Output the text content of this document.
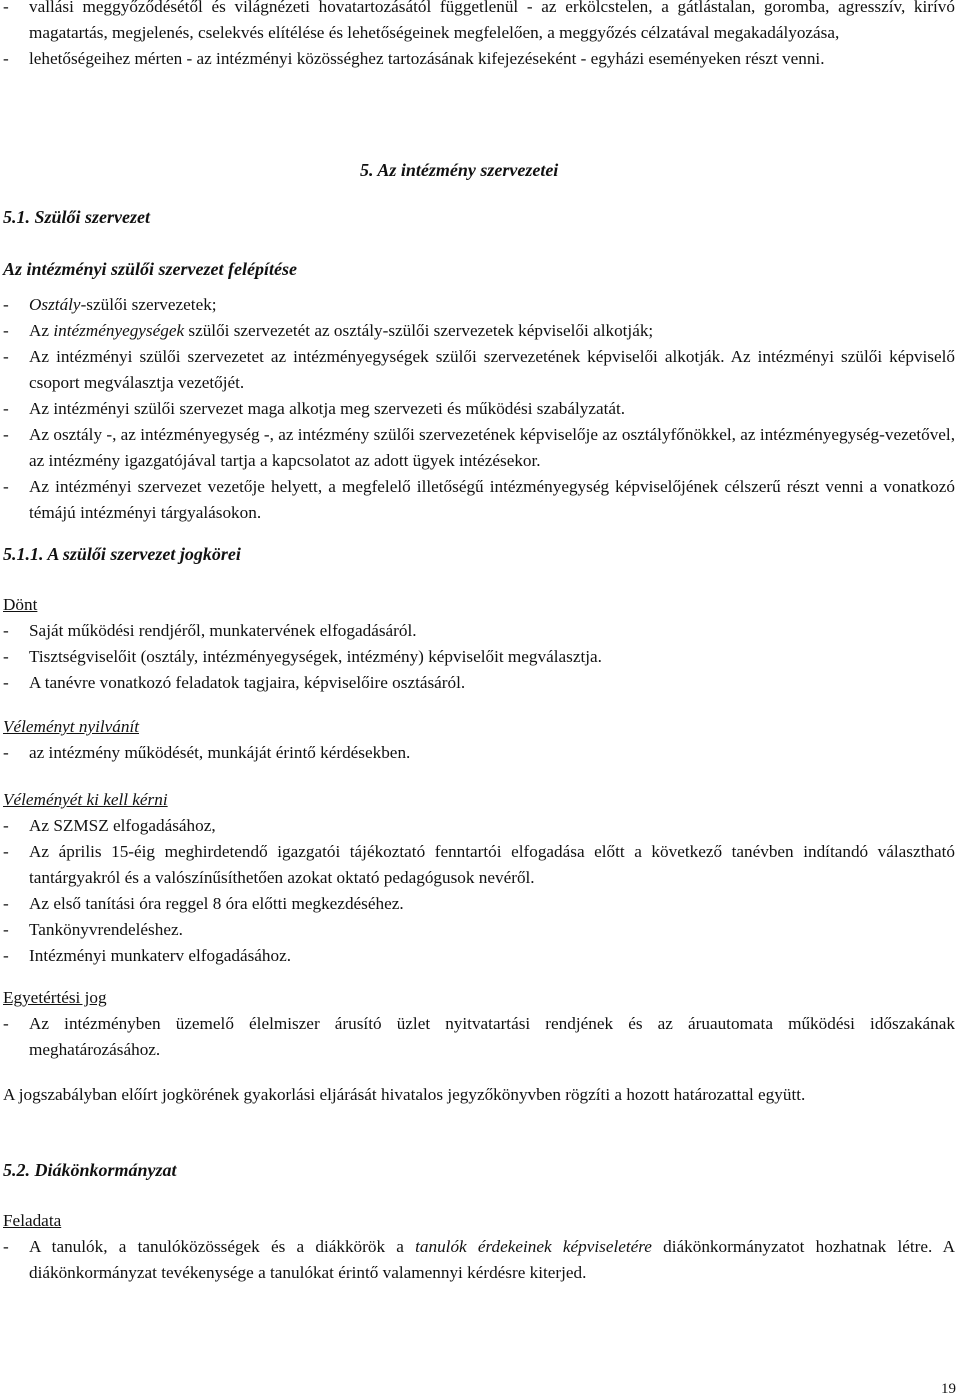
- vallási meggyőződésétől és világnézeti hovatartozásától függetlenül - az erkölcstelen, a gátlástalan, goromba, agresszív, kirívó magatartás, megjelenés, cselekvés elítélése és lehetőségeinek megfelelően, a meggyőzés célzatával megakadályozása,
- lehetőségeihez mérten - az intézményi közösséghez tartozásának kifejezéseként - egyházi eseményeken részt venni.
5. Az intézmény szervezetei
5.1. Szülői szervezet
Az intézményi szülői szervezet felépítése
- Osztály-szülői szervezetek;
- Az intézményegységek szülői szervezetét az osztály-szülői szervezetek képviselői alkotják;
- Az intézményi szülői szervezetet az intézményegységek szülői szervezetének képviselői alkotják. Az intézményi szülői képviselő csoport megválasztja vezetőjét.
- Az intézményi szülői szervezet maga alkotja meg szervezeti és működési szabályzatát.
- Az osztály -, az intézményegység -, az intézmény szülői szervezetének képviselője az osztályfőnökkel, az intézményegység-vezetővel, az intézmény igazgatójával tartja a kapcsolatot az adott ügyek intézésekor.
- Az intézményi szervezet vezetője helyett, a megfelelő illetőségű intézményegység képviselőjének célszerű részt venni a vonatkozó témájú intézményi tárgyalásokon.
5.1.1. A szülői szervezet jogkörei
Dönt
- Saját működési rendjéről, munkatervének elfogadásáról.
- Tisztségviselőit (osztály, intézményegységek, intézmény) képviselőit megválasztja.
- A tanévre vonatkozó feladatok tagjaira, képviselőire osztásáról.
Véleményt nyilvánít
- az intézmény működését, munkáját érintő kérdésekben.
Véleményét ki kell kérni
- Az SZMSZ elfogadásához,
- Az április 15-éig meghirdetendő igazgatói tájékoztató fenntartói elfogadása előtt a következő tanévben indítandó választható tantárgyakról és a valószínűsíthetően azokat oktató pedagógusok nevéről.
- Az első tanítási óra reggel 8 óra előtti megkezdéséhez.
- Tankönyvrendeléshez.
- Intézményi munkaterv elfogadásához.
Egyetértési jog
- Az intézményben üzemelő élelmiszer árusító üzlet nyitvatartási rendjének és az áruautomata működési időszakának meghatározásához.
A jogszabályban előírt jogkörének gyakorlási eljárását hivatalos jegyzőkönyvben rögzíti a hozott határozattal együtt.
5.2. Diákönkormányzat
Feladata
- A tanulók, a tanulóközösségek és a diákkörök a tanulók érdekeinek képviseletére diákönkormányzatot hozhatnak létre. A diákönkormányzat tevékenysége a tanulókat érintő valamennyi kérdésre kiterjed.
19
